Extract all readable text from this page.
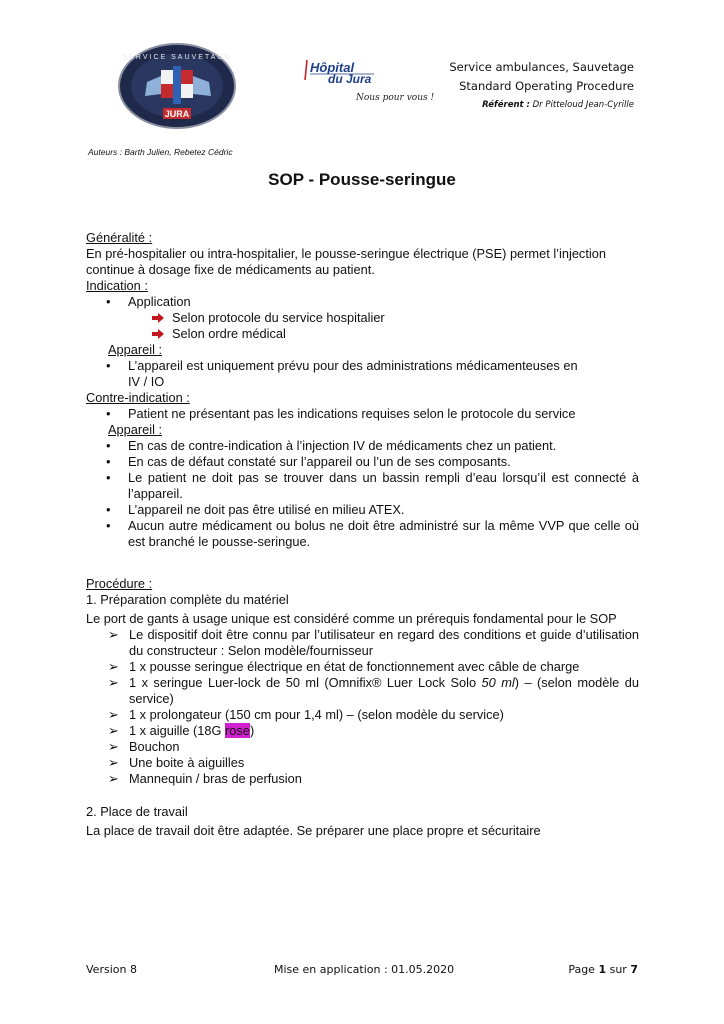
SERVICE SAUVETAGE
JURA
Hôpital
du Jura
Nous pour vous !
Service ambulances, Sauvetage
Standard Operating Procedure
Référent : Dr Pitteloud Jean-Cyrille
Auteurs : Barth Julien, Rebetez Cédric
SOP - Pousse-seringue

Généralité :

En pré-hospitalier ou intra-hospitalier, le pousse-seringue électrique (PSE) permet l’injection continue à dosage fixe de médicaments au patient.

Indication :

• Application
Selon protocole du service hospitalier
Selon ordre médical

Appareil :

• L’appareil est uniquement prévu pour des administrations médicamenteuses en IV / IO

Contre-indication :

• Patient ne présentant pas les indications requises selon le protocole du service

Appareil :

• En cas de contre-indication à l’injection IV de médicaments chez un patient.
• En cas de défaut constaté sur l’appareil ou l’un de ses composants.
• Le patient ne doit pas se trouver dans un bassin rempli d’eau lorsqu’il est connecté à l’appareil.
• L’appareil ne doit pas être utilisé en milieu ATEX.
• Aucun autre médicament ou bolus ne doit être administré sur la même VVP que celle où est branché le pousse-seringue.

Procédure :

1. Préparation complète du matériel

Le port de gants à usage unique est considéré comme un prérequis fondamental pour le SOP

➢ Le dispositif doit être connu par l’utilisateur en regard des conditions et guide d’utilisation du constructeur : Selon modèle/fournisseur
➢ 1 x pousse seringue électrique en état de fonctionnement avec câble de charge
➢ 1 x seringue Luer-lock de 50 ml (Omnifix® Luer Lock Solo 50 ml) – (selon modèle du service)
➢ 1 x prolongateur (150 cm pour 1,4 ml) – (selon modèle du service)
➢ 1 x aiguille (18G rose)
➢ Bouchon
➢ Une boite à aiguilles
➢ Mannequin / bras de perfusion

2. Place de travail

La place de travail doit être adaptée. Se préparer une place propre et sécuritaire

Version 8	Mise en application : 01.05.2020	Page 1 sur 7
